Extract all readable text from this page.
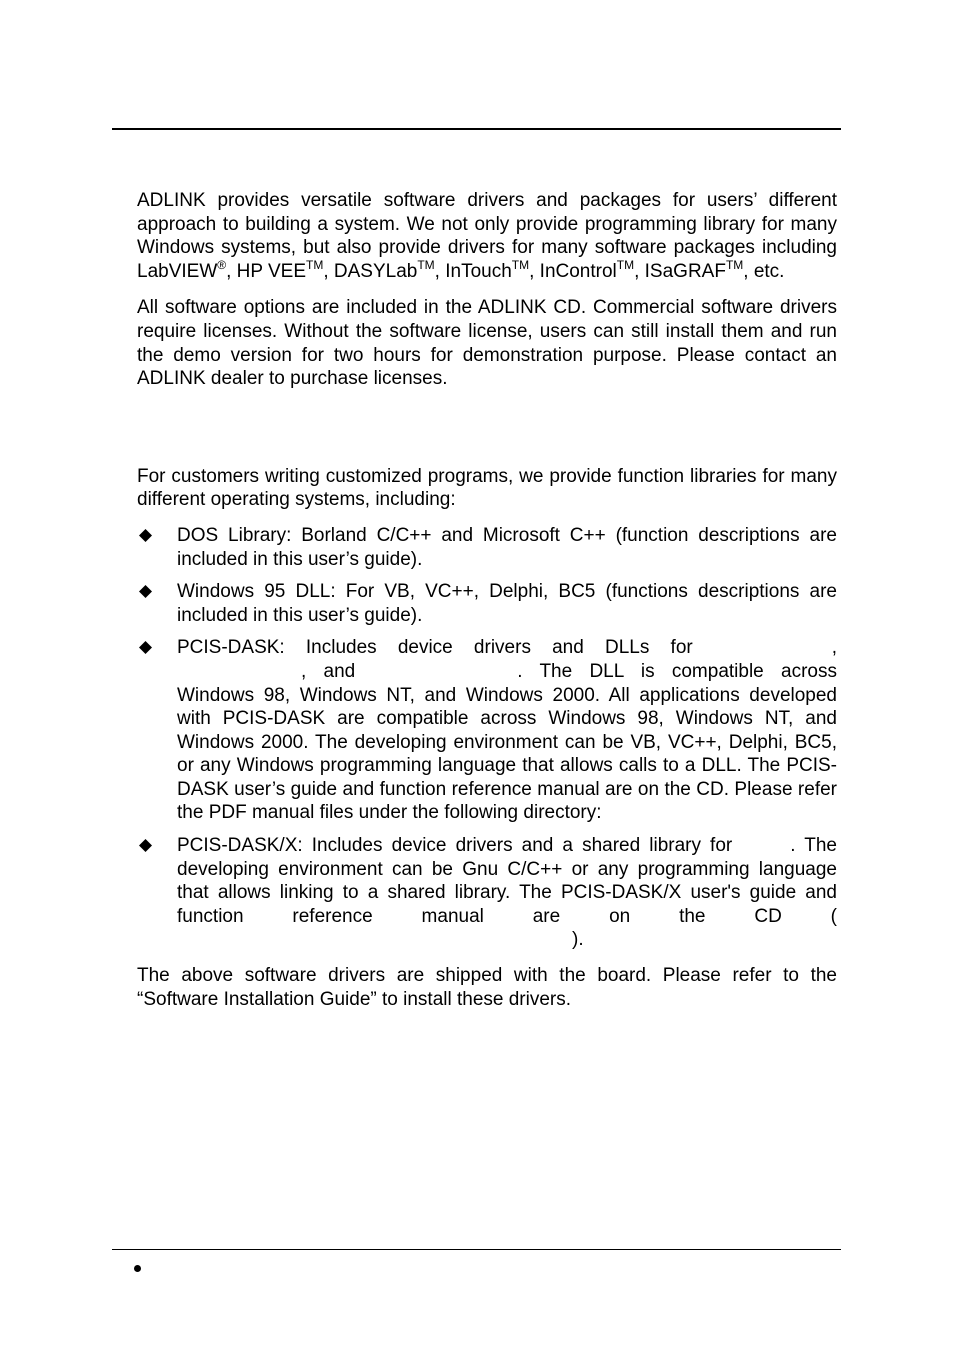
ADLINK provides versatile software drivers and packages for users’ different approach to building a system. We not only provide programming library for many Windows systems, but also provide drivers for many software packages including LabVIEW®, HP VEE™, DASYLab™, InTouch™, InControl™, ISaGRAF™, etc.

All software options are included in the ADLINK CD. Commercial software drivers require licenses. Without the software license, users can still install them and run the demo version for two hours for demonstration purpose. Please contact an ADLINK dealer to purchase licenses.

For customers writing customized programs, we provide function libraries for many different operating systems, including:

DOS Library: Borland C/C++ and Microsoft C++ (function descriptions are included in this user’s guide).
Windows 95 DLL: For VB, VC++, Delphi, BC5 (functions descriptions are included in this user’s guide).
PCIS-DASK: Includes device drivers and DLLs for	,, and	. The DLL is compatible across Windows 98, Windows NT, and Windows 2000. All applications developed with PCIS-DASK are compatible across Windows 98, Windows NT, and Windows 2000. The developing environment can be VB, VC++, Delphi, BC5, or any Windows programming language that allows calls to a DLL. The PCIS-DASK user’s guide and function reference manual are on the CD. Please refer the PDF manual files under the following directory:
PCIS-DASK/X: Includes device drivers and a shared library for	. The developing environment can be Gnu C/C++ or any programming language that allows linking to a shared library. The PCIS-DASK/X user's guide and function reference manual are on the CD ().

The above software drivers are shipped with the board. Please refer to the “Software Installation Guide” to install these drivers.
